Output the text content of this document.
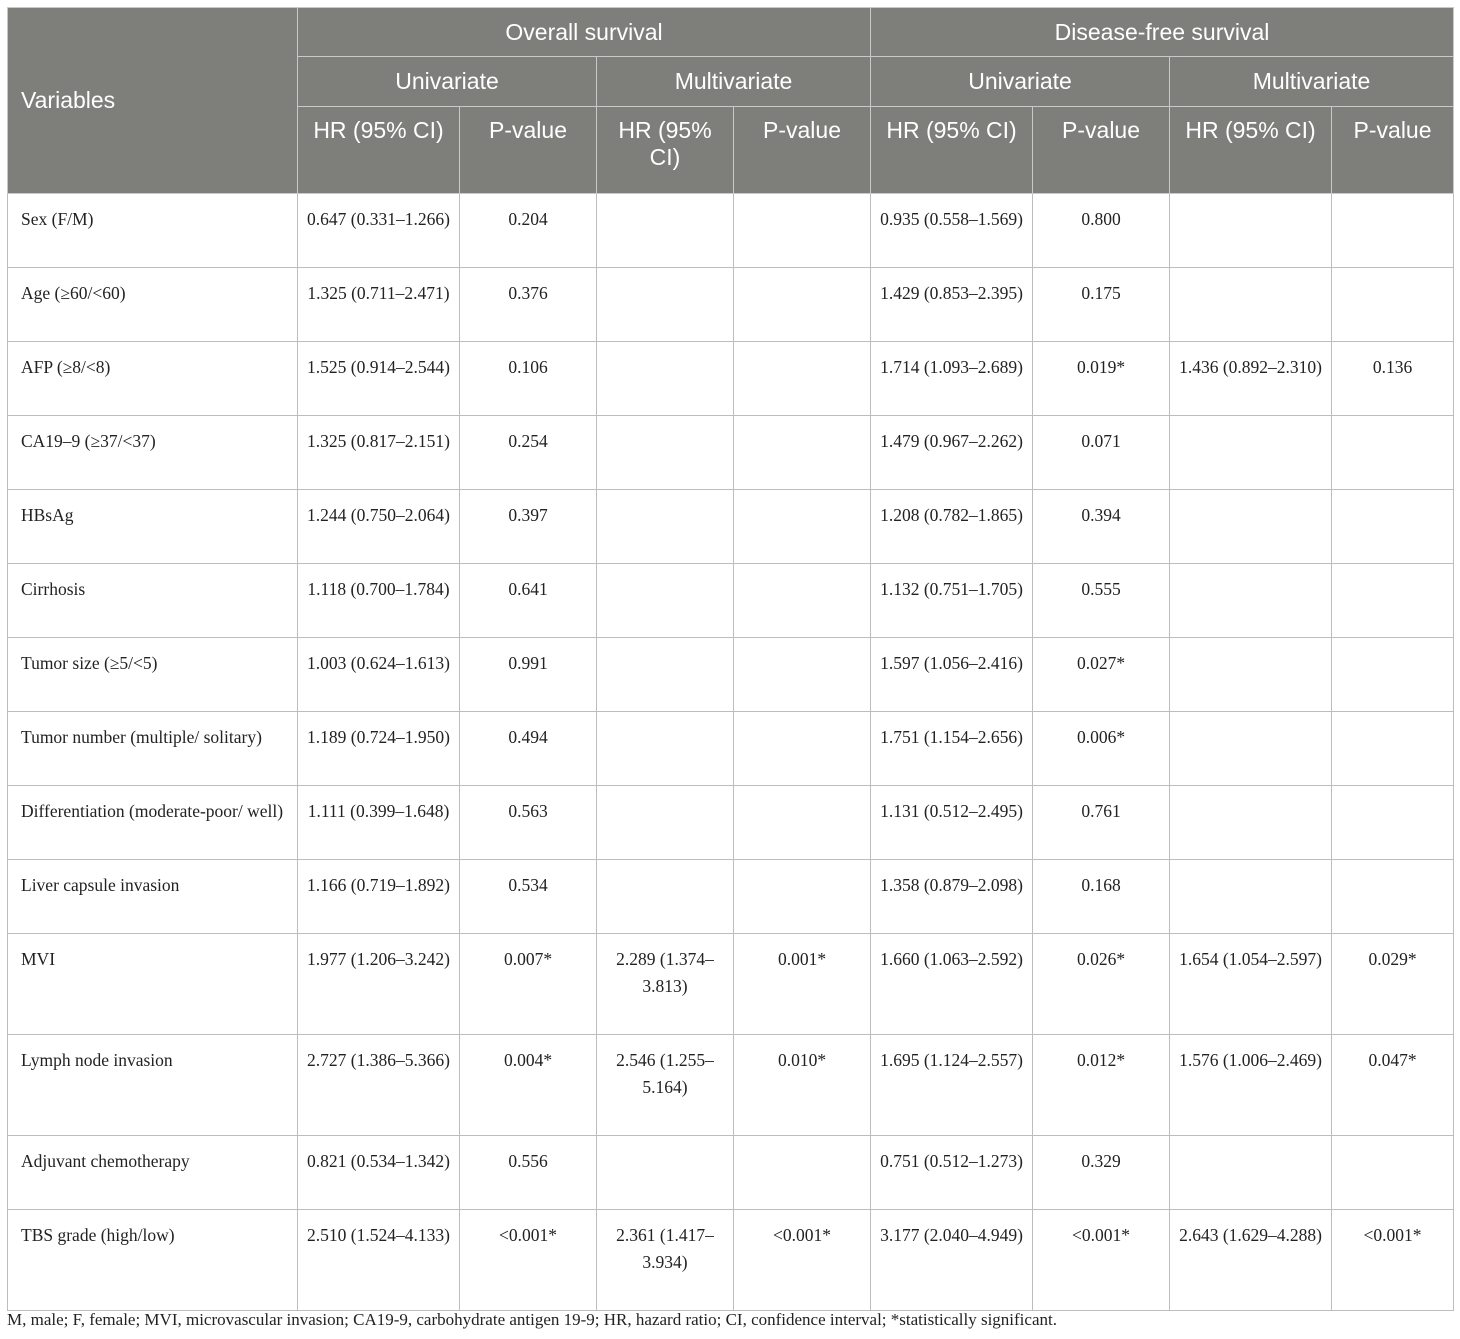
Variables	Overall survival				Disease-free survival			
	Univariate		Multivariate		Univariate		Multivariate	
	HR (95% CI)	P-value	HR (95% CI)	P-value	HR (95% CI)	P-value	HR (95% CI)	P-value
Sex (F/M)	0.647 (0.331–1.266)	0.204			0.935 (0.558–1.569)	0.800		
Age (≥60/<60)	1.325 (0.711–2.471)	0.376			1.429 (0.853–2.395)	0.175		
AFP (≥8/<8)	1.525 (0.914–2.544)	0.106			1.714 (1.093–2.689)	0.019*	1.436 (0.892–2.310)	0.136
CA19–9 (≥37/<37)	1.325 (0.817–2.151)	0.254			1.479 (0.967–2.262)	0.071		
HBsAg	1.244 (0.750–2.064)	0.397			1.208 (0.782–1.865)	0.394		
Cirrhosis	1.118 (0.700–1.784)	0.641			1.132 (0.751–1.705)	0.555		
Tumor size (≥5/<5)	1.003 (0.624–1.613)	0.991			1.597 (1.056–2.416)	0.027*		
Tumor number (multiple/ solitary)	1.189 (0.724–1.950)	0.494			1.751 (1.154–2.656)	0.006*		
Differentiation (moderate-poor/ well)	1.111 (0.399–1.648)	0.563			1.131 (0.512–2.495)	0.761		
Liver capsule invasion	1.166 (0.719–1.892)	0.534			1.358 (0.879–2.098)	0.168		
MVI	1.977 (1.206–3.242)	0.007*	2.289 (1.374–3.813)	0.001*	1.660 (1.063–2.592)	0.026*	1.654 (1.054–2.597)	0.029*
Lymph node invasion	2.727 (1.386–5.366)	0.004*	2.546 (1.255–5.164)	0.010*	1.695 (1.124–2.557)	0.012*	1.576 (1.006–2.469)	0.047*
Adjuvant chemotherapy	0.821 (0.534–1.342)	0.556			0.751 (0.512–1.273)	0.329		
TBS grade (high/low)	2.510 (1.524–4.133)	<0.001*	2.361 (1.417–3.934)	<0.001*	3.177 (2.040–4.949)	<0.001*	2.643 (1.629–4.288)	<0.001*
M, male; F, female; MVI, microvascular invasion; CA19-9, carbohydrate antigen 19-9; HR, hazard ratio; CI, confidence interval; *statistically significant.
